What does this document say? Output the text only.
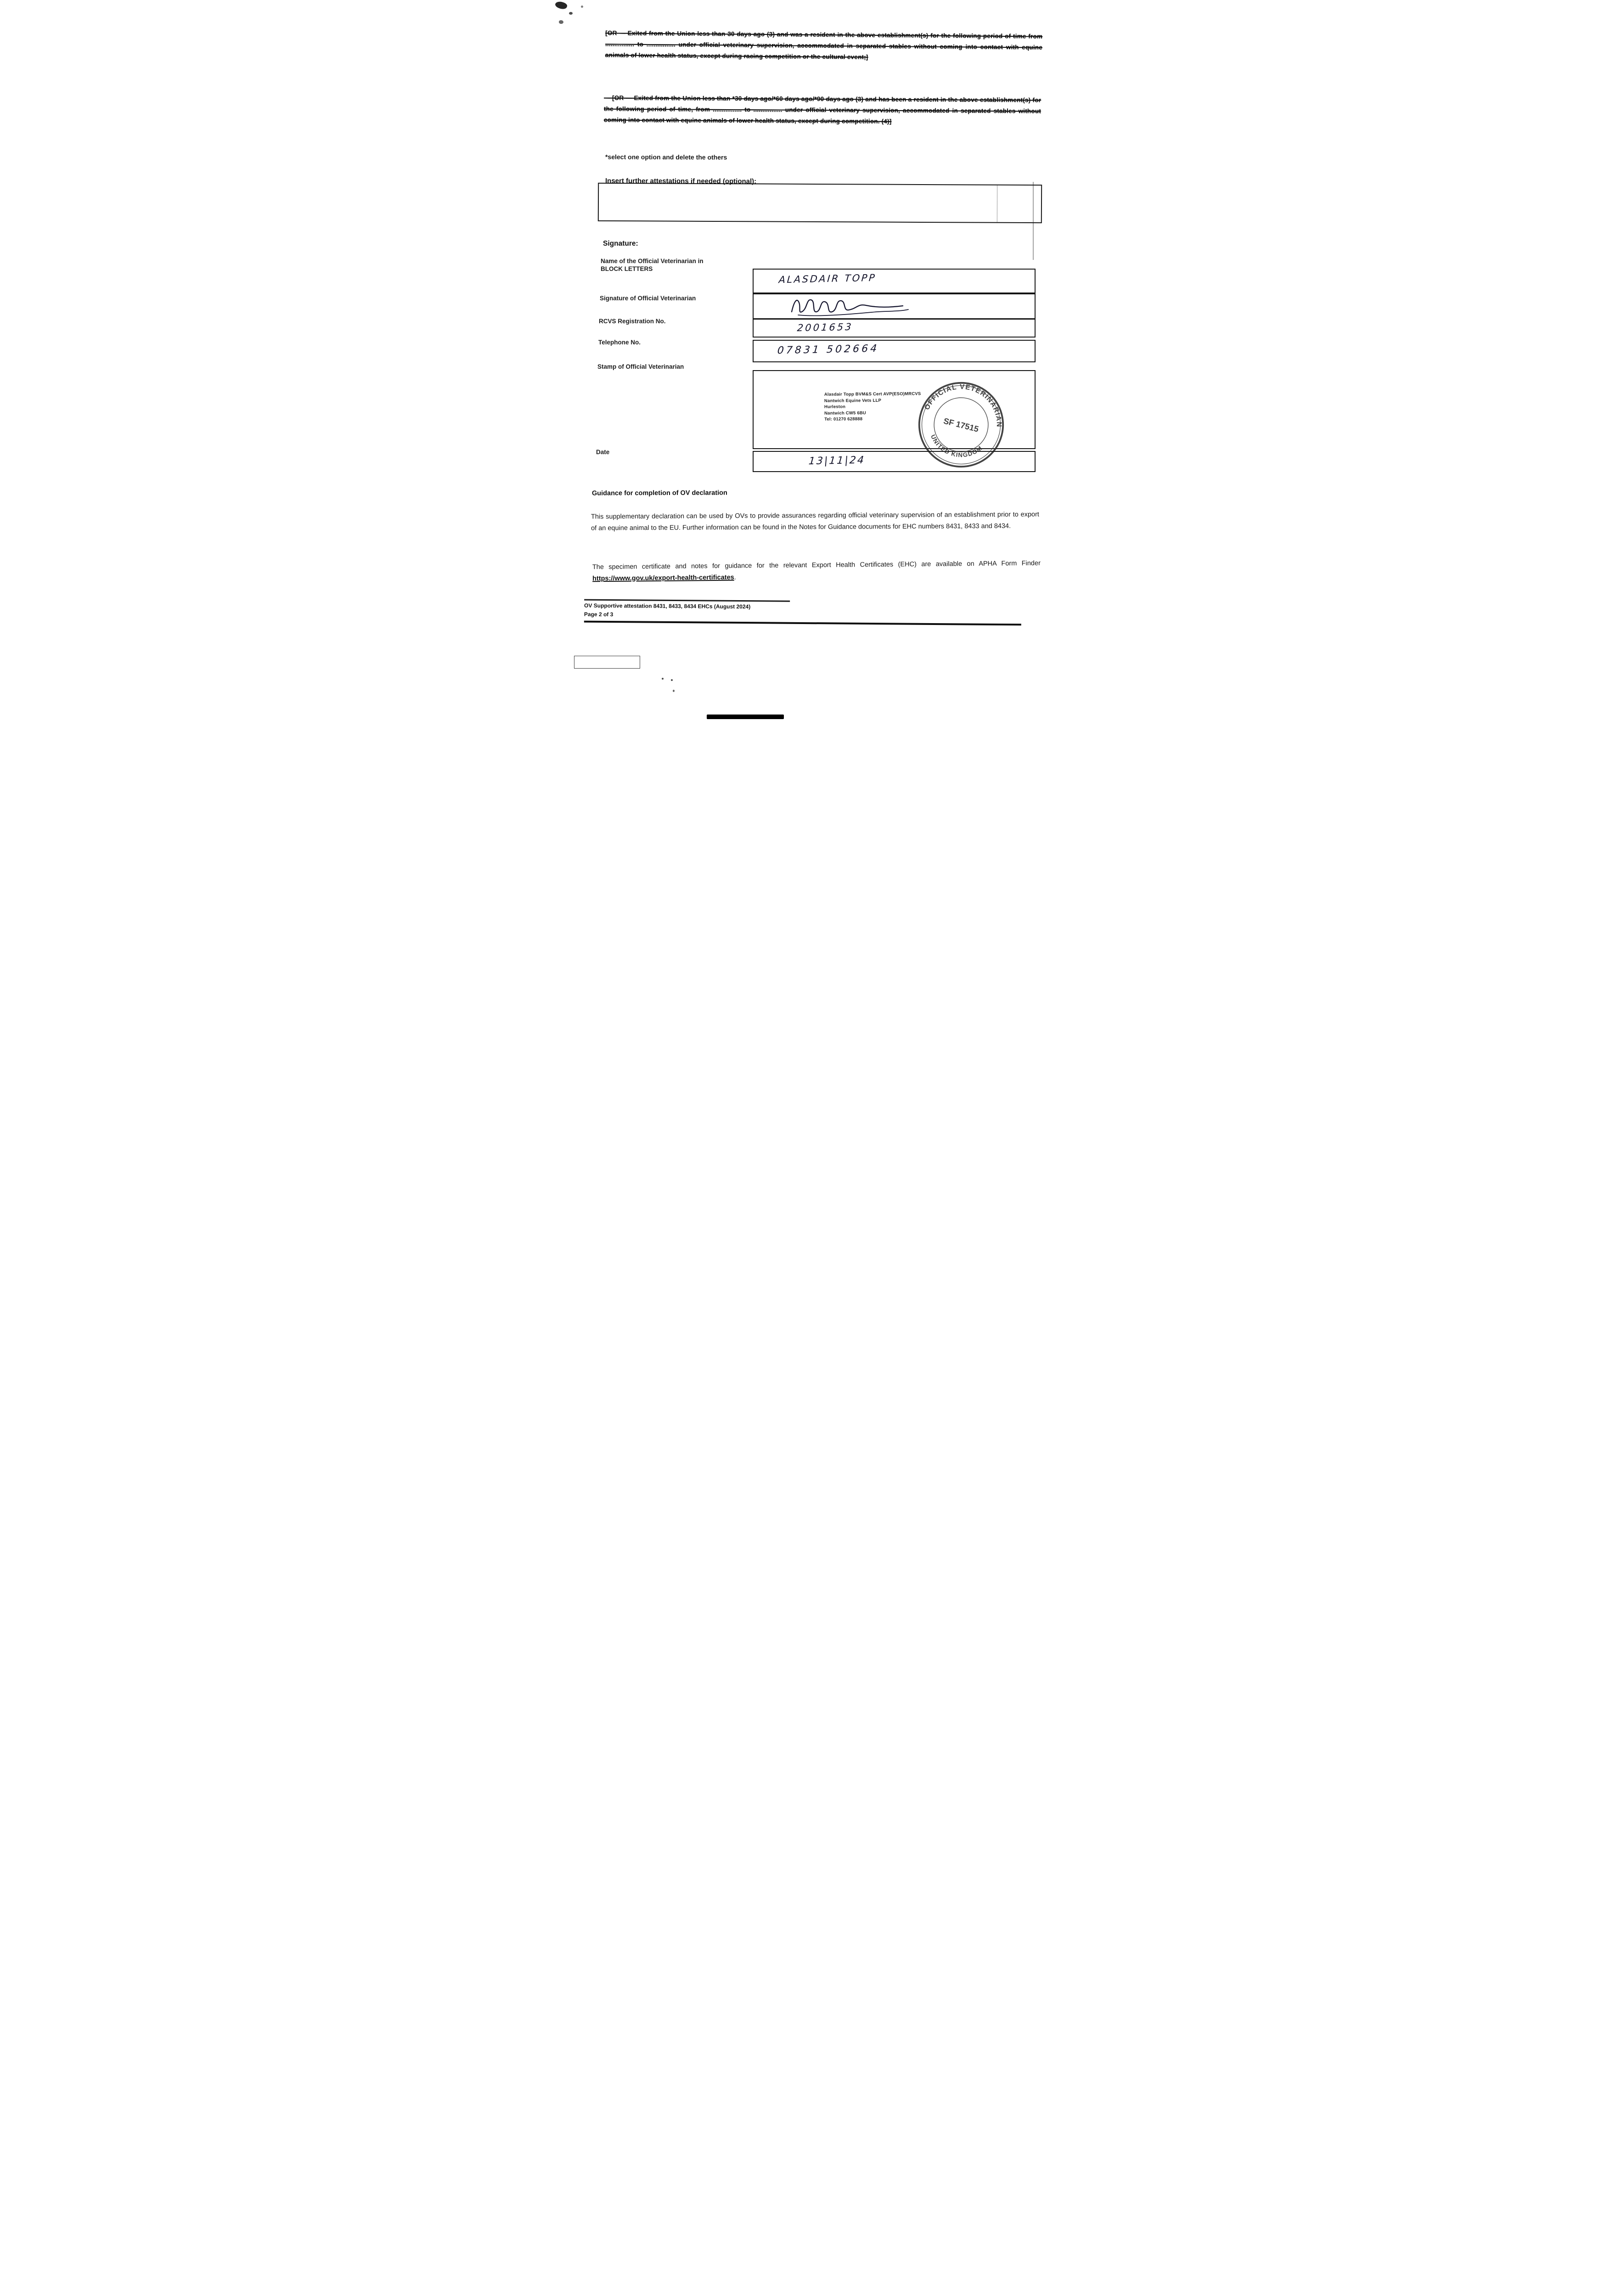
[OR — Exited from the Union less than 30 days ago (3) and was a resident in the above establishment(s) for the following period of time from ................ to ................ under official veterinary supervision, accommodated in separated stables without coming into contact with equine animals of lower health status, except during racing competition or the cultural event;]

— [OR — Exited from the Union less than *30 days ago/*60 days ago/*90 days ago (3) and has been a resident in the above establishment(s) for the following period of time, from ................ to ................ under official veterinary supervision, accommodated in separated stables without coming into contact with equine animals of lower health status, except during competition. (4)]

*select one option and delete the others

Insert further attestations if needed (optional):

Signature:
Name of the Official Veterinarian in
BLOCK LETTERS
Signature of Official Veterinarian
RCVS Registration No.
Telephone No.
Stamp of Official Veterinarian
Date
ALASDAIR TOPP
2001653
07831 502664
Alasdair Topp BVM&S Cert AVP(ESO)MRCVS
Nantwich Equine Vets LLP
Hurleston
Nantwich CW5 6BU
Tel: 01270 628888
OFFICIAL VETERINARIAN
UNITED KINGDOM
SF 17515
13|11|24
Guidance for completion of OV declaration

This supplementary declaration can be used by OVs to provide assurances regarding official veterinary supervision of an establishment prior to export of an equine animal to the EU. Further information can be found in the Notes for Guidance documents for EHC numbers 8431, 8433 and 8434.

The specimen certificate and notes for guidance for the relevant Export Health Certificates (EHC) are available on APHA Form Finder https://www.gov.uk/export-health-certificates.

OV Supportive attestation 8431, 8433, 8434 EHCs (August 2024)
Page 2 of 3
